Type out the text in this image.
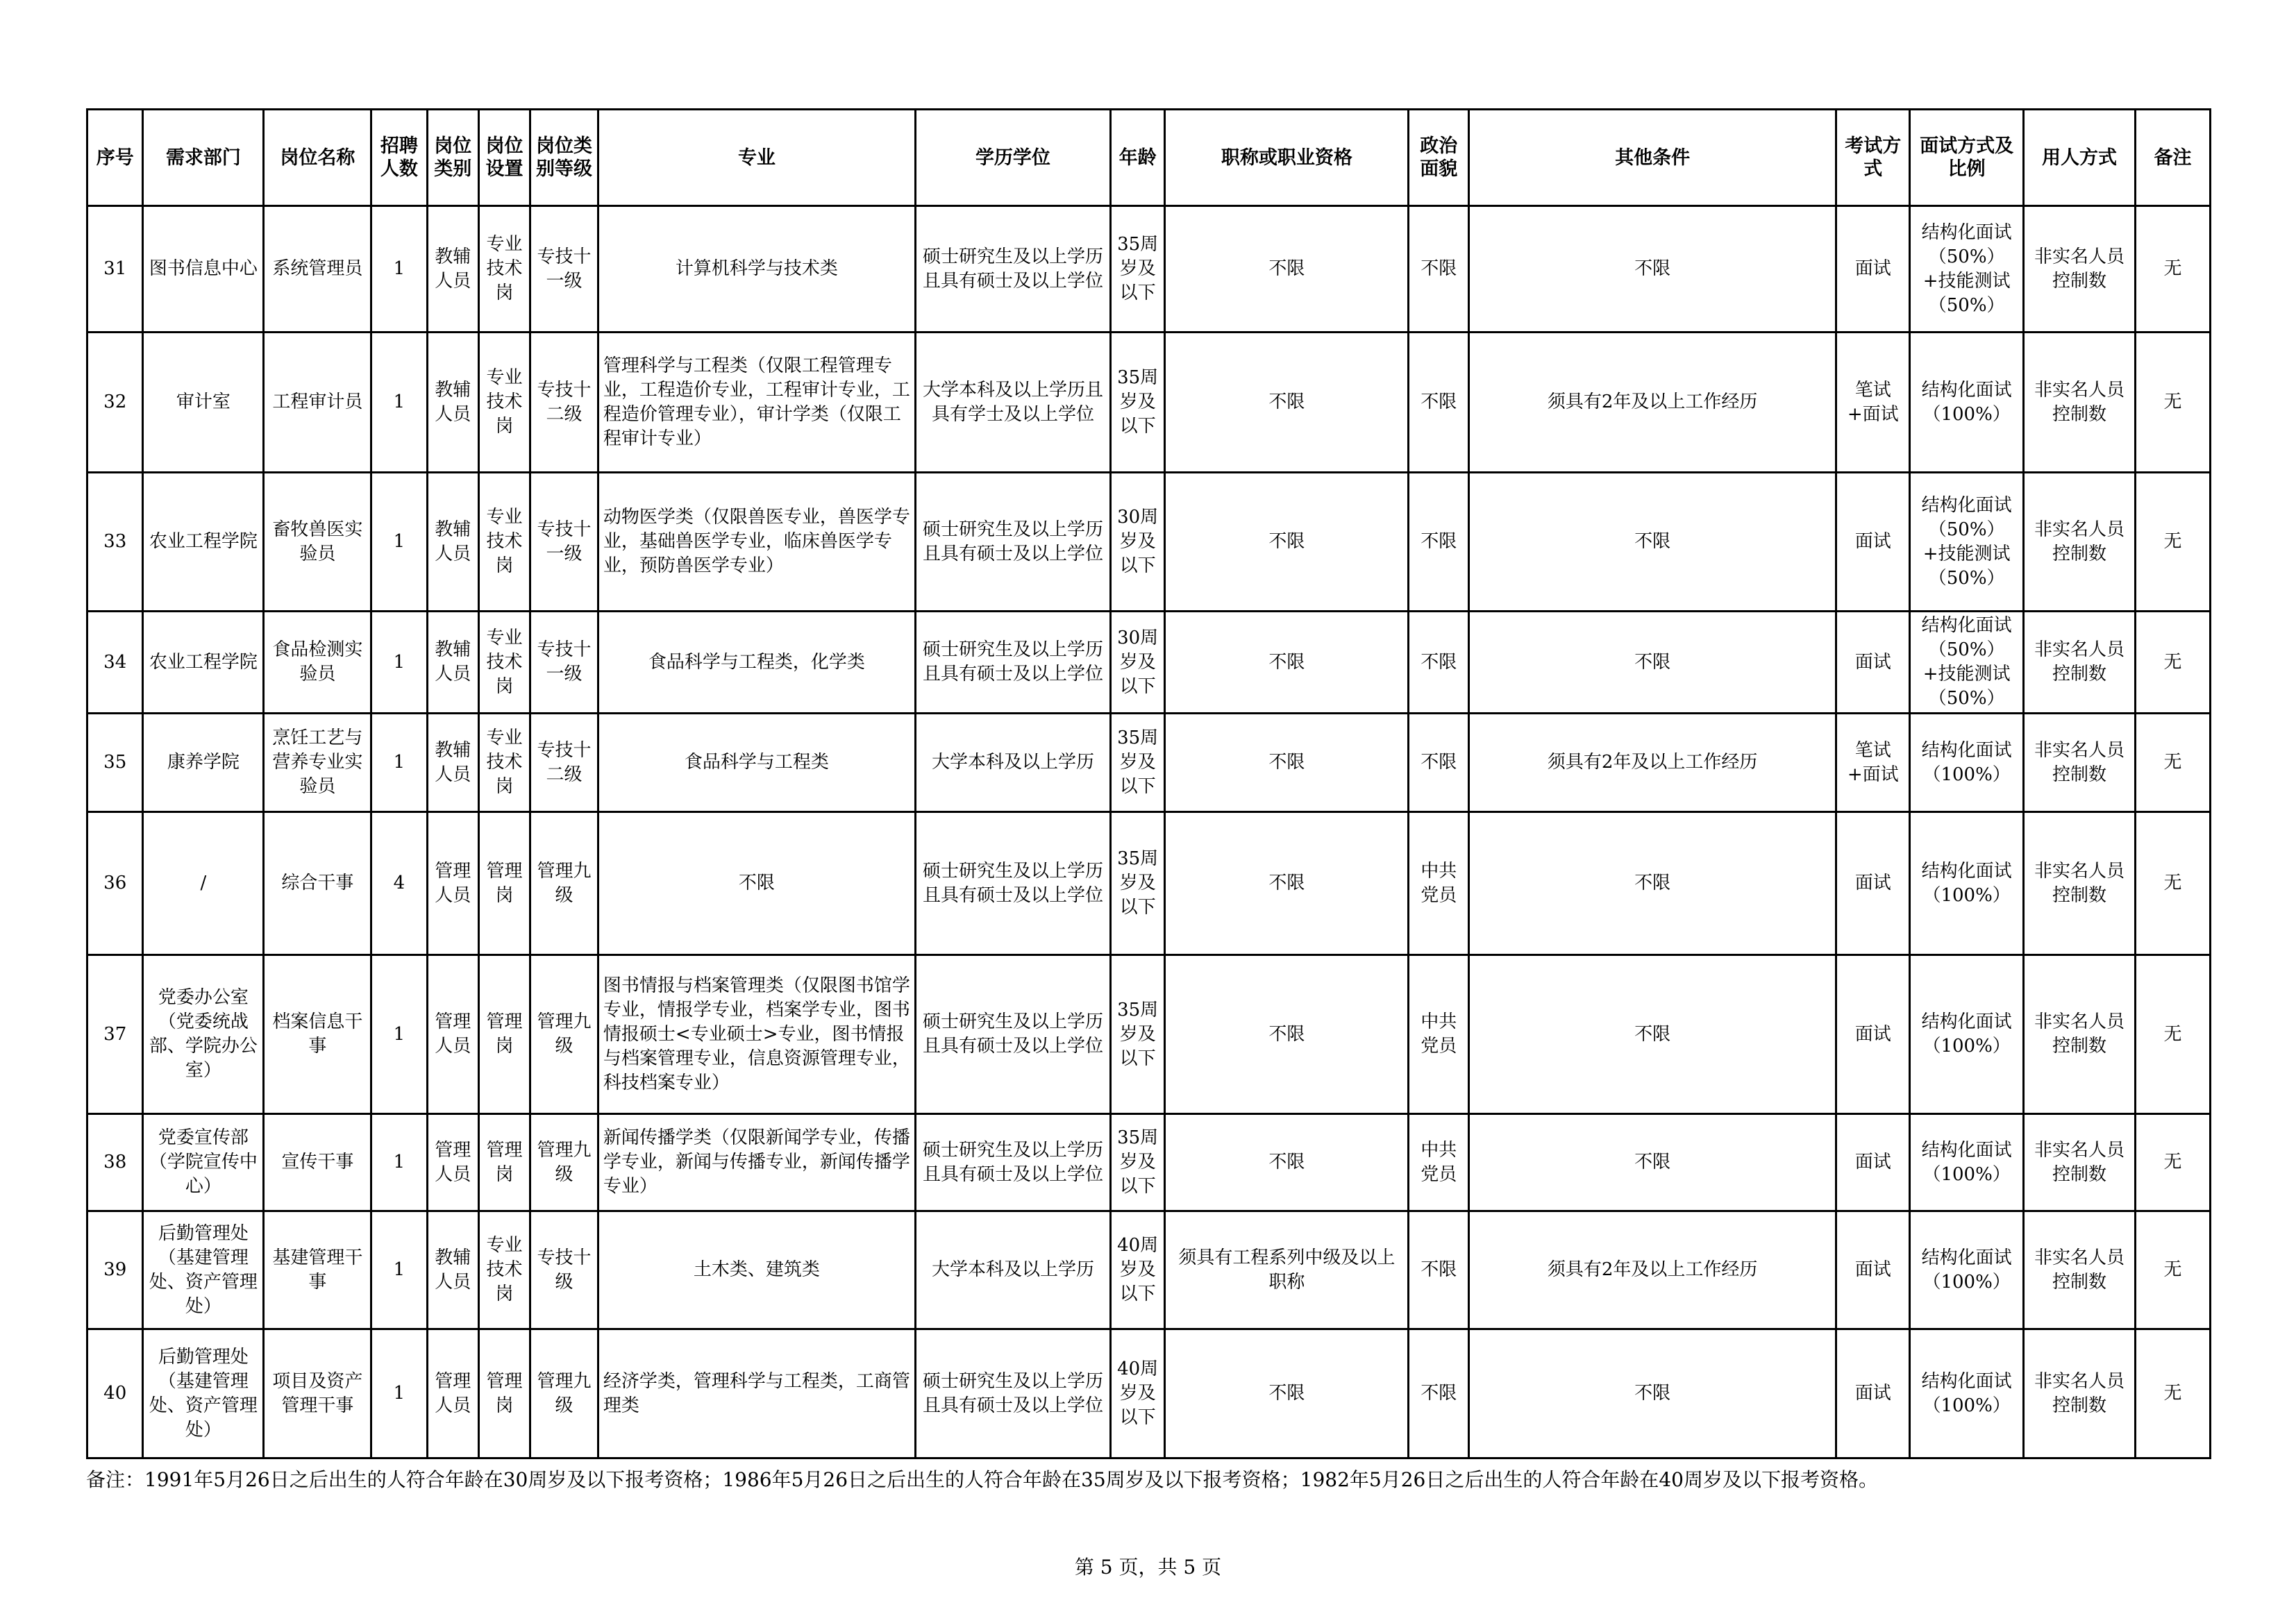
序号	需求部门	岗位名称	招聘人数	岗位类别	岗位设置	岗位类别等级	专业	学历学位	年龄	职称或职业资格	政治面貌	其他条件	考试方式	面试方式及比例	用人方式	备注
31	图书信息中心	系统管理员	1	教辅人员	专业技术岗	专技十一级	计算机科学与技术类	硕士研究生及以上学历且具有硕士及以上学位	35周岁及以下	不限	不限	不限	面试	结构化面试（50%）+技能测试（50%）	非实名人员控制数	无
32	审计室	工程审计员	1	教辅人员	专业技术岗	专技十二级	管理科学与工程类（仅限工程管理专业，工程造价专业，工程审计专业，工程造价管理专业），审计学类（仅限工程审计专业）	大学本科及以上学历且具有学士及以上学位	35周岁及以下	不限	不限	须具有2年及以上工作经历	笔试+面试	结构化面试（100%）	非实名人员控制数	无
33	农业工程学院	畜牧兽医实验员	1	教辅人员	专业技术岗	专技十一级	动物医学类（仅限兽医专业，兽医学专业，基础兽医学专业，临床兽医学专业，预防兽医学专业）	硕士研究生及以上学历且具有硕士及以上学位	30周岁及以下	不限	不限	不限	面试	结构化面试（50%）+技能测试（50%）	非实名人员控制数	无
34	农业工程学院	食品检测实验员	1	教辅人员	专业技术岗	专技十一级	食品科学与工程类，化学类	硕士研究生及以上学历且具有硕士及以上学位	30周岁及以下	不限	不限	不限	面试	结构化面试（50%）+技能测试（50%）	非实名人员控制数	无
35	康养学院	烹饪工艺与营养专业实验员	1	教辅人员	专业技术岗	专技十二级	食品科学与工程类	大学本科及以上学历	35周岁及以下	不限	不限	须具有2年及以上工作经历	笔试+面试	结构化面试（100%）	非实名人员控制数	无
36	/	综合干事	4	管理人员	管理岗	管理九级	不限	硕士研究生及以上学历且具有硕士及以上学位	35周岁及以下	不限	中共党员	不限	面试	结构化面试（100%）	非实名人员控制数	无
37	党委办公室（党委统战部、学院办公室）	档案信息干事	1	管理人员	管理岗	管理九级	图书情报与档案管理类（仅限图书馆学专业，情报学专业，档案学专业，图书情报硕士<专业硕士>专业，图书情报与档案管理专业，信息资源管理专业，科技档案专业）	硕士研究生及以上学历且具有硕士及以上学位	35周岁及以下	不限	中共党员	不限	面试	结构化面试（100%）	非实名人员控制数	无
38	党委宣传部（学院宣传中心）	宣传干事	1	管理人员	管理岗	管理九级	新闻传播学类（仅限新闻学专业，传播学专业，新闻与传播专业，新闻传播学专业）	硕士研究生及以上学历且具有硕士及以上学位	35周岁及以下	不限	中共党员	不限	面试	结构化面试（100%）	非实名人员控制数	无
39	后勤管理处（基建管理处、资产管理处）	基建管理干事	1	教辅人员	专业技术岗	专技十级	土木类、建筑类	大学本科及以上学历	40周岁及以下	须具有工程系列中级及以上职称	不限	须具有2年及以上工作经历	面试	结构化面试（100%）	非实名人员控制数	无
40	后勤管理处（基建管理处、资产管理处）	项目及资产管理干事	1	管理人员	管理岗	管理九级	经济学类，管理科学与工程类，工商管理类	硕士研究生及以上学历且具有硕士及以上学位	40周岁及以下	不限	不限	不限	面试	结构化面试（100%）	非实名人员控制数	无
备注：1991年5月26日之后出生的人符合年龄在30周岁及以下报考资格；1986年5月26日之后出生的人符合年龄在35周岁及以下报考资格；1982年5月26日之后出生的人符合年龄在40周岁及以下报考资格。
第 5 页，共 5 页
